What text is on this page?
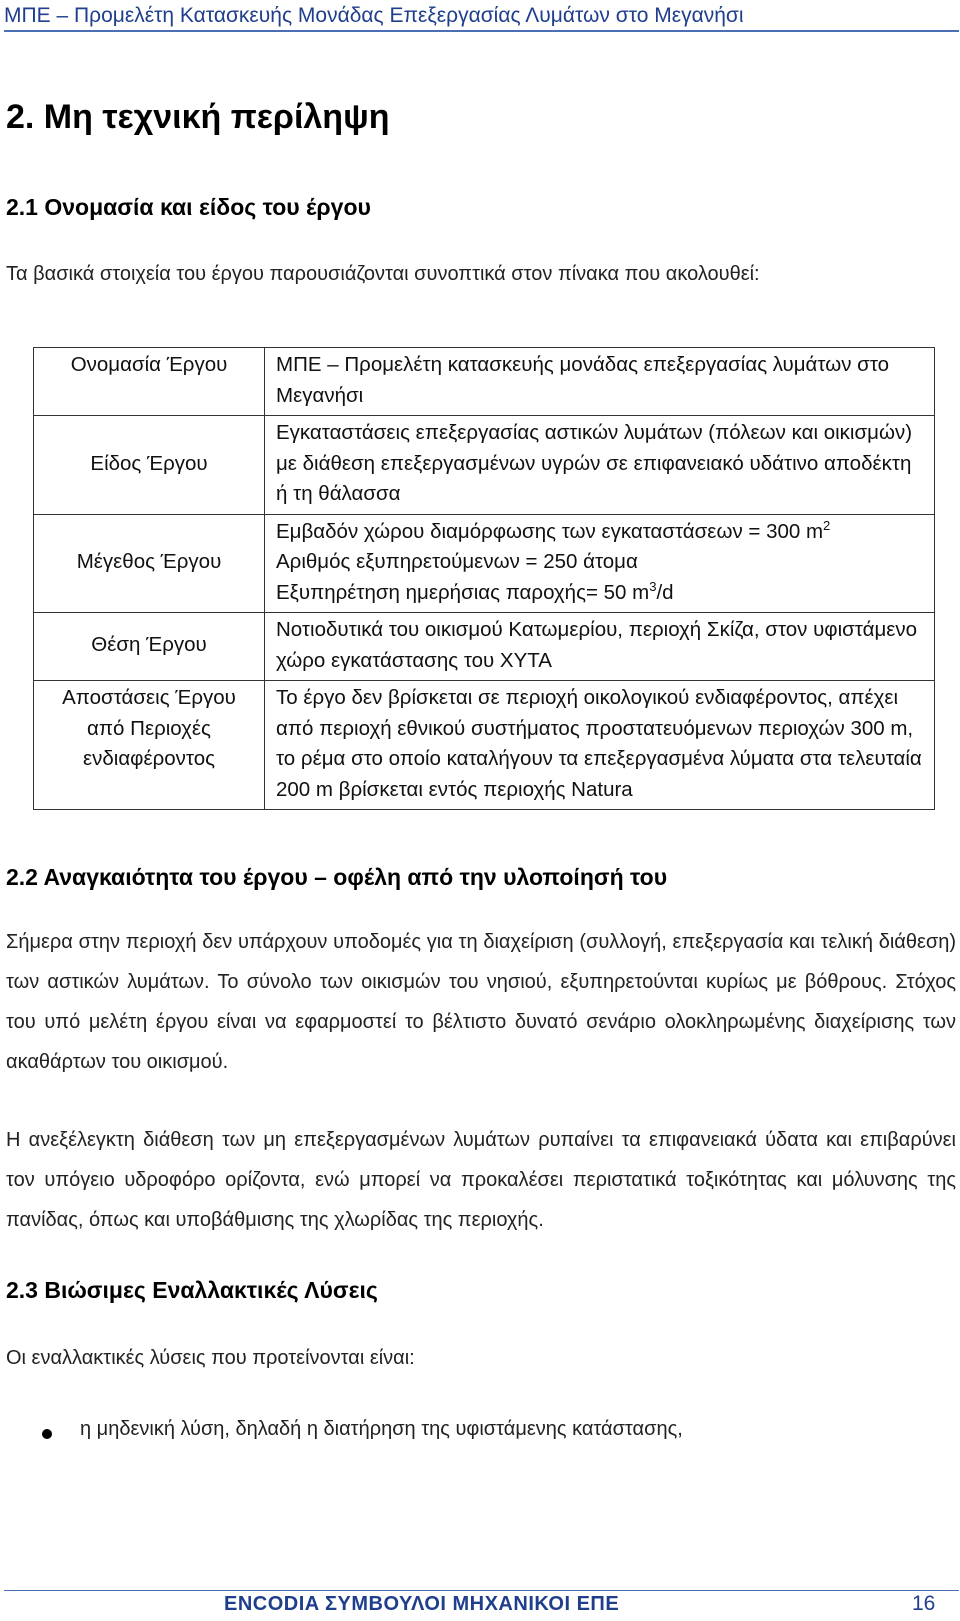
ΜΠΕ – Προμελέτη Κατασκευής Μονάδας Επεξεργασίας Λυμάτων στο Μεγανήσι
2. Μη τεχνική περίληψη
2.1 Ονομασία και είδος του έργου
Τα βασικά στοιχεία του έργου παρουσιάζονται συνοπτικά στον πίνακα που ακολουθεί:
Ονομασία Έργου	ΜΠΕ – Προμελέτη κατασκευής μονάδας επεξεργασίας λυμάτων στο Μεγανήσι
Είδος Έργου	Εγκαταστάσεις επεξεργασίας αστικών λυμάτων (πόλεων και οικισμών) με διάθεση επεξεργασμένων υγρών σε επιφανειακό υδάτινο αποδέκτη ή τη θάλασσα
Μέγεθος Έργου	Εμβαδόν χώρου διαμόρφωσης των εγκαταστάσεων = 300 $m^2$
Αριθμός εξυπηρετούμενων = 250 άτομα
Εξυπηρέτηση ημερήσιας παροχής= 50 $m^3/d$

Θέση Έργου	Νοτιοδυτικά του οικισμού Κατωμερίου, περιοχή Σκίζα, στον υφιστάμενο χώρο εγκατάστασης του ΧΥΤΑ
Αποστάσεις Έργου από Περιοχές ενδιαφέροντος	Το έργο δεν βρίσκεται σε περιοχή οικολογικού ενδιαφέροντος, απέχει από περιοχή εθνικού συστήματος προστατευόμενων περιοχών 300 m, το ρέμα στο οποίο καταλήγουν τα επεξεργασμένα λύματα στα τελευταία 200 m βρίσκεται εντός περιοχής Natura
2.2 Αναγκαιότητα του έργου – οφέλη από την υλοποίησή του
Σήμερα στην περιοχή δεν υπάρχουν υποδομές για τη διαχείριση (συλλογή, επεξεργασία και τελική διάθεση) των αστικών λυμάτων. Το σύνολο των οικισμών του νησιού, εξυπηρετούνται κυρίως με βόθρους. Στόχος του υπό μελέτη έργου είναι να εφαρμοστεί το βέλτιστο δυνατό σενάριο ολοκληρωμένης διαχείρισης των ακαθάρτων του οικισμού.
Η ανεξέλεγκτη διάθεση των μη επεξεργασμένων λυμάτων ρυπαίνει τα επιφανειακά ύδατα και επιβαρύνει τον υπόγειο υδροφόρο ορίζοντα, ενώ μπορεί να προκαλέσει περιστατικά τοξικότητας και μόλυνσης της πανίδας, όπως και υποβάθμισης της χλωρίδας της περιοχής.
2.3 Βιώσιμες Εναλλακτικές Λύσεις
Οι εναλλακτικές λύσεις που προτείνονται είναι:
η μηδενική λύση, δηλαδή η διατήρηση της υφιστάμενης κατάστασης,
ENCODIA ΣΥΜΒΟΥΛΟΙ ΜΗΧΑΝΙΚΟΙ ΕΠΕ	16
